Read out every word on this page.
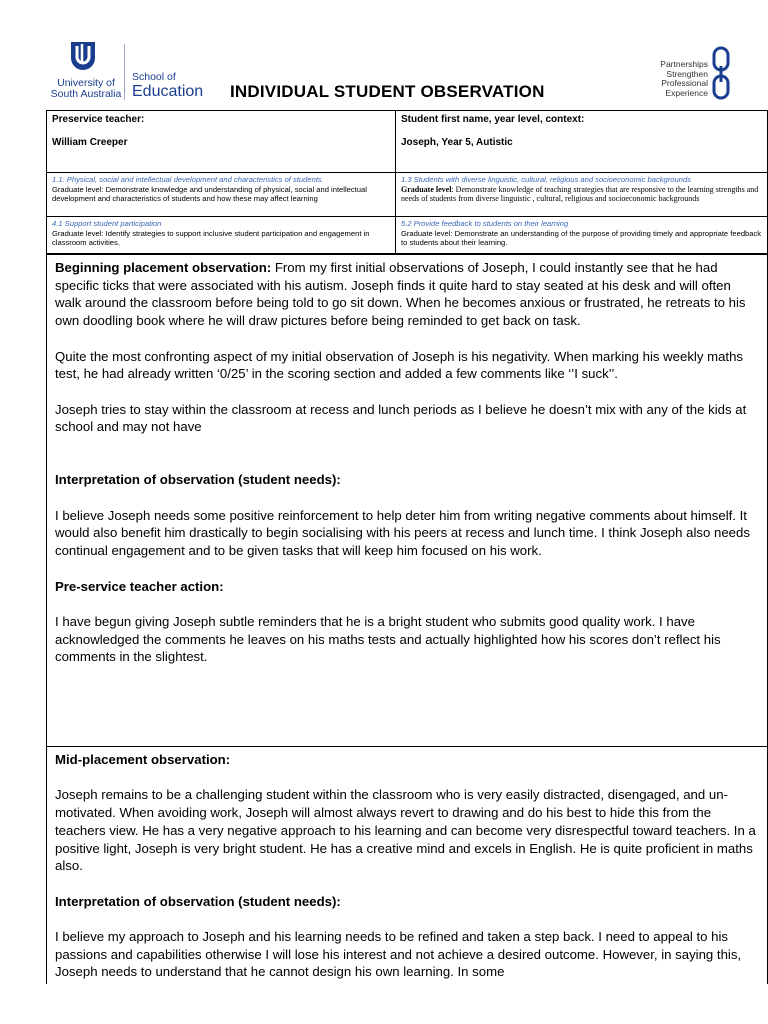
University of
South Australia
School of
Education INDIVIDUAL STUDENT OBSERVATION
Partnerships
Strengthen
Professional
Experience
Preservice teacher:
William Creeper
Student first name, year level, context:
Joseph, Year 5, Autistic
1.1: Physical, social and intellectual development and characteristics of students
Graduate level: Demonstrate knowledge and understanding of physical, social and intellectual development and characteristics of students and how these may affect learning
1.3 Students with diverse linguistic, cultural, religious and socioeconomic backgrounds
Graduate level: Demonstrate knowledge of teaching strategies that are responsive to the learning strengths and needs of students from diverse linguistic , cultural, religious and socioeconomic backgrounds
4.1 Support student participation
Graduate level: Identify strategies to support inclusive student participation and engagement in classroom activities.
5.2 Provide feedback to students on their learning
Graduate level: Demonstrate an understanding of the purpose of providing timely and appropriate feedback to students about their learning.

Beginning placement observation: From my first initial observations of Joseph, I could instantly see that he had specific ticks that were associated with his autism. Joseph finds it quite hard to stay seated at his desk and will often walk around the classroom before being told to go sit down. When he becomes anxious or frustrated, he retreats to his own doodling book where he will draw pictures before being reminded to get back on task.

Quite the most confronting aspect of my initial observation of Joseph is his negativity. When marking his weekly maths test, he had already written ‘0/25’ in the scoring section and added a few comments like ‘’I suck’’.

Joseph tries to stay within the classroom at recess and lunch periods as I believe he doesn’t mix with any of the kids at school and may not have

Interpretation of observation (student needs):

I believe Joseph needs some positive reinforcement to help deter him from writing negative comments about himself. It would also benefit him drastically to begin socialising with his peers at recess and lunch time. I think Joseph also needs continual engagement and to be given tasks that will keep him focused on his work.

Pre-service teacher action:

I have begun giving Joseph subtle reminders that he is a bright student who submits good quality work. I have acknowledged the comments he leaves on his maths tests and actually highlighted how his scores don’t reflect his comments in the slightest.

Mid-placement observation:

Joseph remains to be a challenging student within the classroom who is very easily distracted, disengaged, and un-motivated. When avoiding work, Joseph will almost always revert to drawing and do his best to hide this from the teachers view. He has a very negative approach to his learning and can become very disrespectful toward teachers. In a positive light, Joseph is very bright student. He has a creative mind and excels in English. He is quite proficient in maths also.

Interpretation of observation (student needs):

I believe my approach to Joseph and his learning needs to be refined and taken a step back. I need to appeal to his passions and capabilities otherwise I will lose his interest and not achieve a desired outcome. However, in saying this, Joseph needs to understand that he cannot design his own learning. In some
